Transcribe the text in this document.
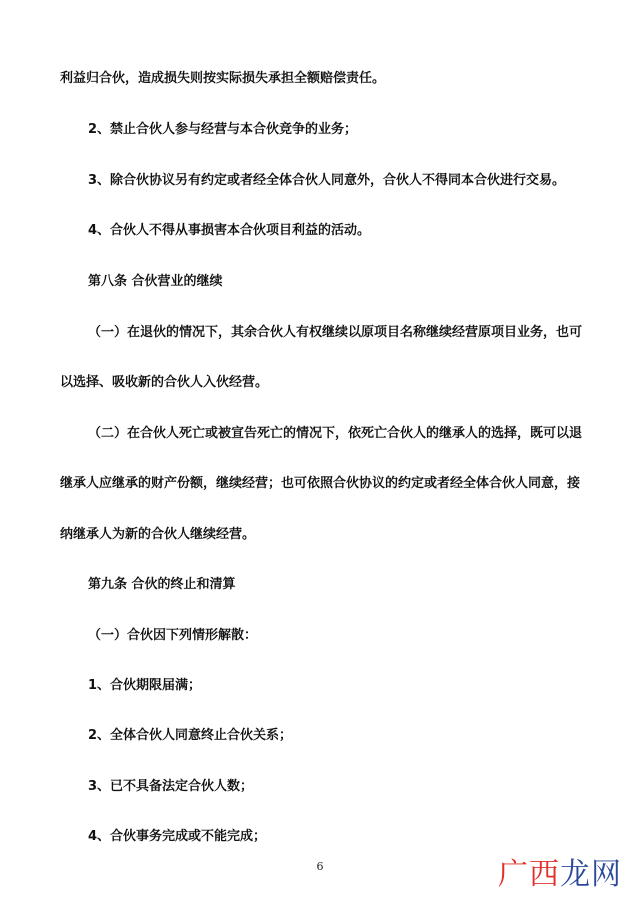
利益归合伙，造成损失则按实际损失承担全额赔偿责任。
2、禁止合伙人参与经营与本合伙竞争的业务；
3、除合伙协议另有约定或者经全体合伙人同意外，合伙人不得同本合伙进行交易。
4、合伙人不得从事损害本合伙项目利益的活动。
第八条 合伙营业的继续
（一）在退伙的情况下，其余合伙人有权继续以原项目名称继续经营原项目业务，也可
以选择、吸收新的合伙人入伙经营。
（二）在合伙人死亡或被宣告死亡的情况下，依死亡合伙人的继承人的选择，既可以退
继承人应继承的财产份额，继续经营；也可依照合伙协议的约定或者经全体合伙人同意，接
纳继承人为新的合伙人继续经营。
第九条 合伙的终止和清算
（一）合伙因下列情形解散：
1、合伙期限届满；
2、全体合伙人同意终止合伙关系；
3、已不具备法定合伙人数；
4、合伙事务完成或不能完成；
6	广西龙网
